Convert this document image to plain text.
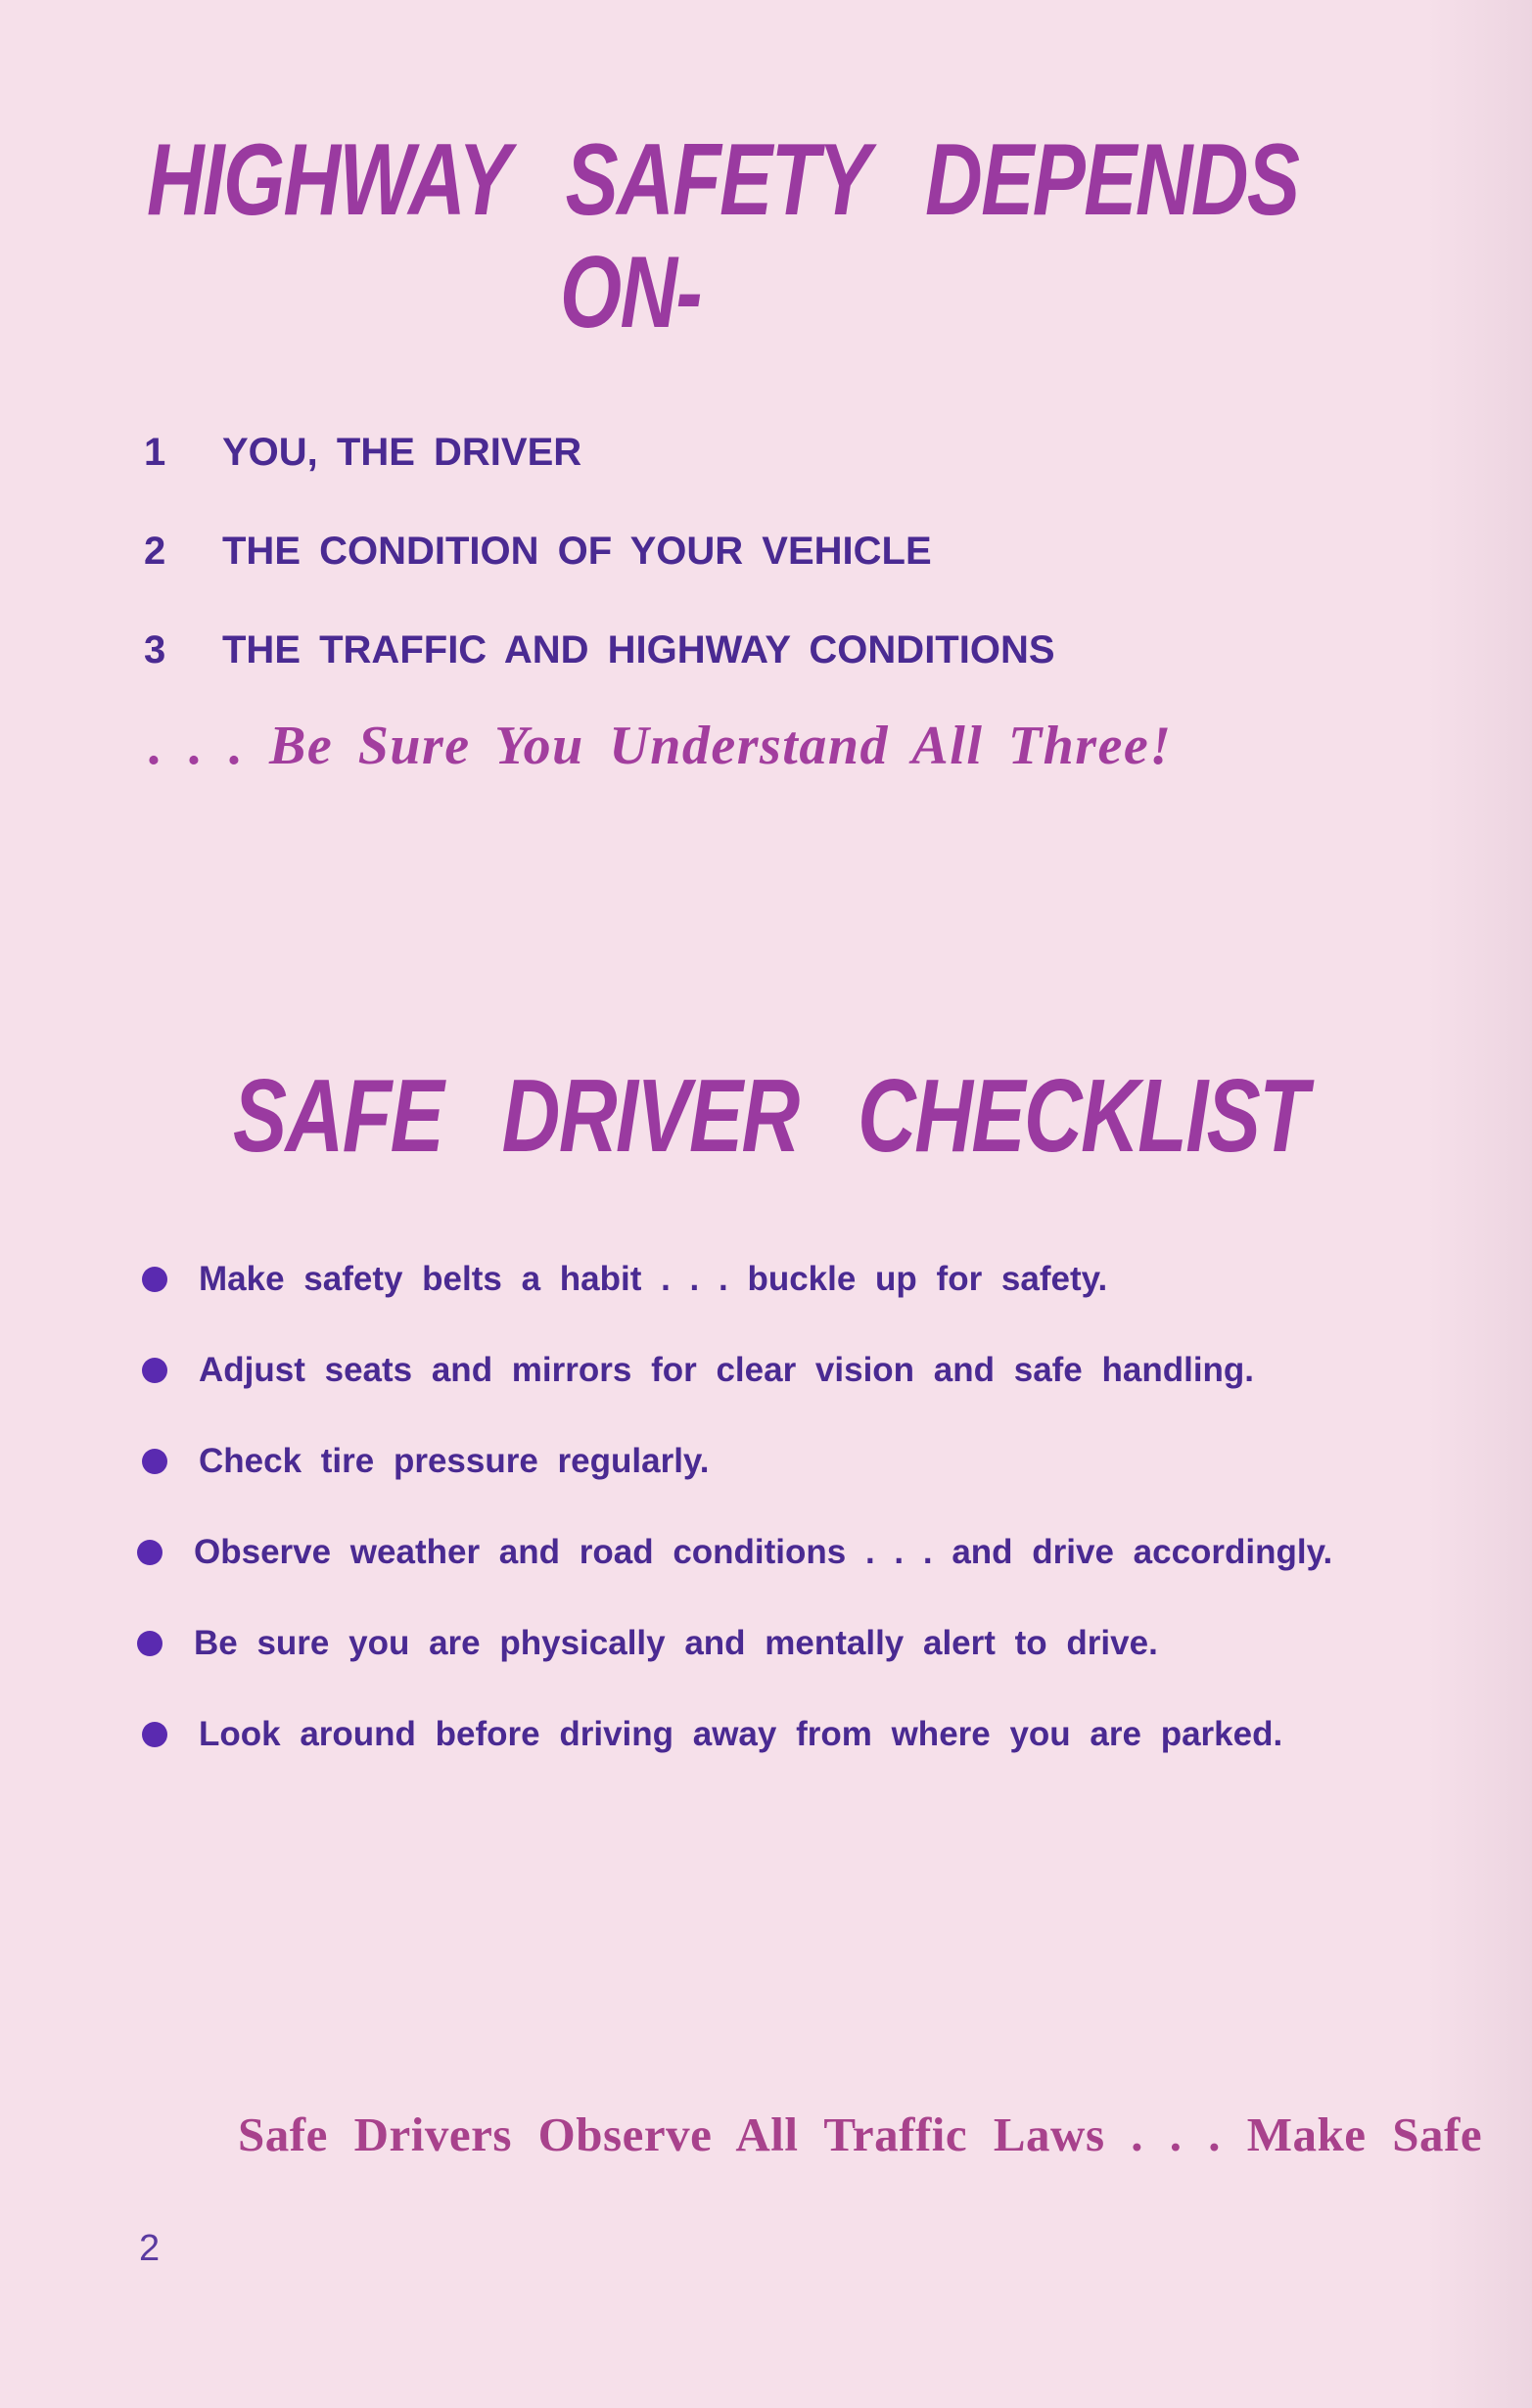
HIGHWAY SAFETY DEPENDS
ON-
1 YOU, THE DRIVER
2 THE CONDITION OF YOUR VEHICLE
3 THE TRAFFIC AND HIGHWAY CONDITIONS
. . . Be Sure You Understand All Three!
SAFE DRIVER CHECKLIST
Make safety belts a habit . . . buckle up for safety.
Adjust seats and mirrors for clear vision and safe handling.
Check tire pressure regularly.
Observe weather and road conditions . . . and drive accordingly.
Be sure you are physically and mentally alert to drive.
Look around before driving away from where you are parked.
Safe Drivers Observe All Traffic Laws . . . Make Safe
2
